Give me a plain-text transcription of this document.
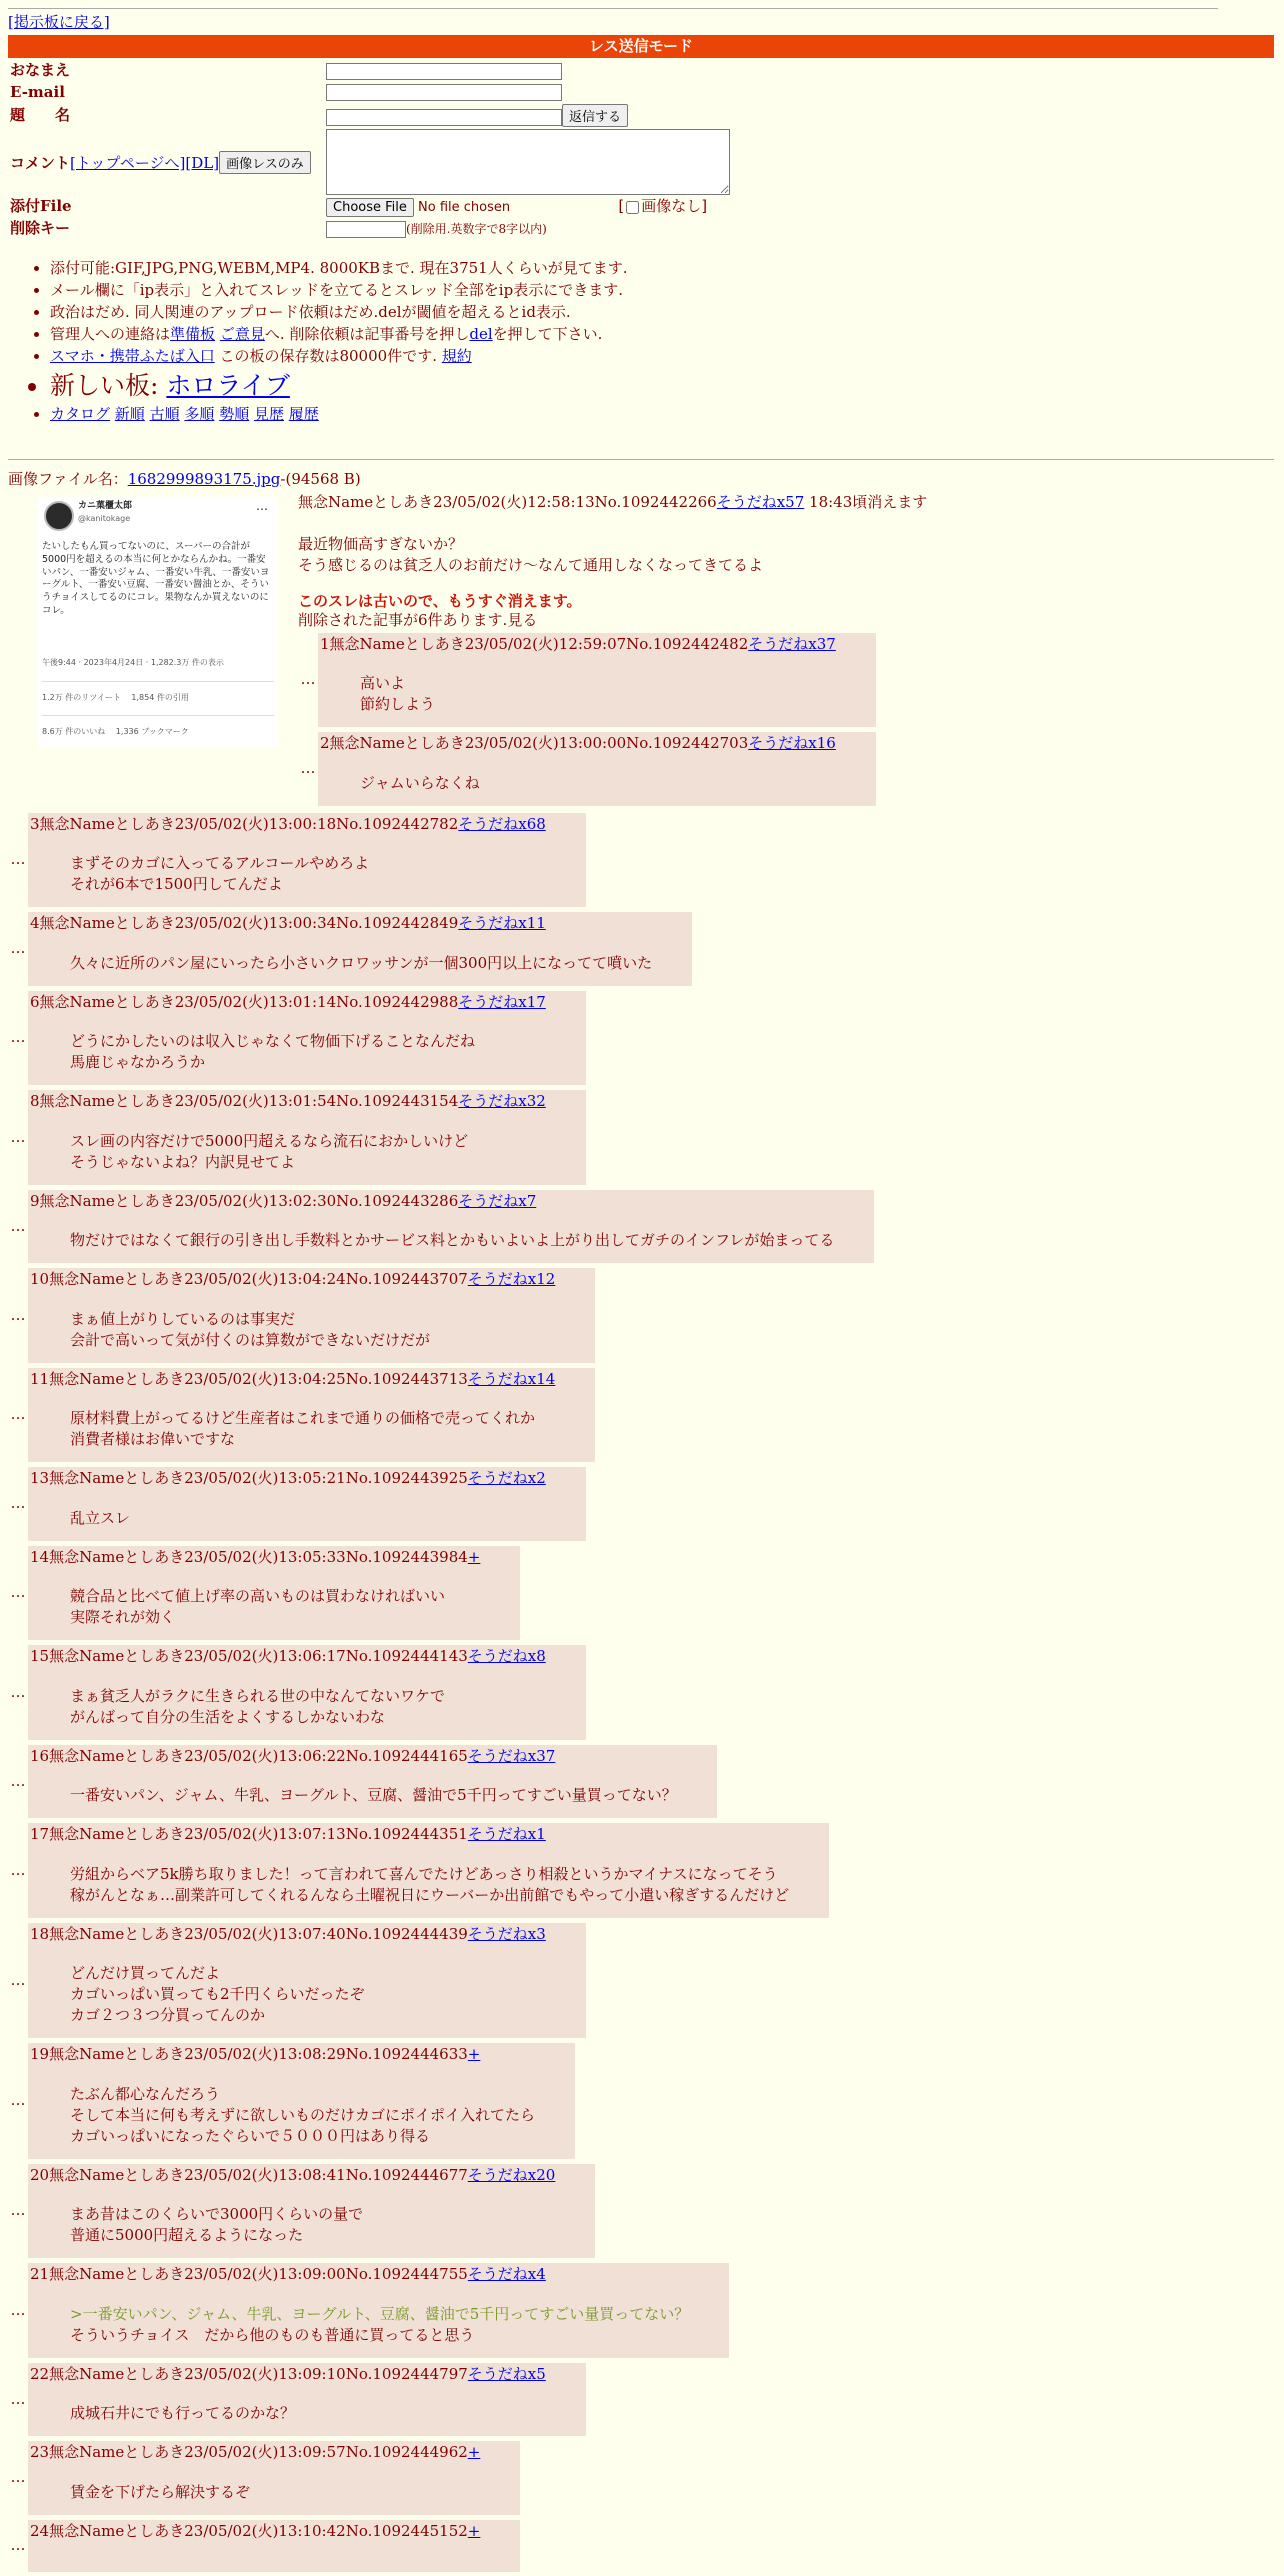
[掲示板に戻る]
レス送信モード
おなまえ	
E-mail	
題　　名	返信する
コメント[トップページへ][DL] 画像レスのみ	
添付File	Choose File No file chosen [ 画像なし]
削除キー	(削除用.英数字で8字以内)
• 添付可能:GIF,JPG,PNG,WEBM,MP4. 8000KBまで. 現在3751人くらいが見てます.
• メール欄に「ip表示」と入れてスレッドを立てるとスレッド全部をip表示にできます.
• 政治はだめ. 同人関連のアップロード依頼はだめ.delが閾値を超えるとid表示.
• 管理人への連絡は準備板 ご意見へ. 削除依頼は記事番号を押しdelを押して下さい.
• スマホ・携帯ふたば入口 この板の保存数は80000件です. 規約
• 新しい板: ホロライブ
• カタログ 新順 古順 多順 勢順 見歴 履歴
画像ファイル名：1682999893175.jpg-(94568 B)
カニ菓櫃太郎
@kanitokage
…
たいしたもん買ってないのに、スーパーの合計が5000円を超えるの本当に何とかならんかね。一番安いパン、一番安いジャム、一番安い牛乳、一番安いヨーグルト、一番安い豆腐、一番安い醤油とか、そういうチョイスしてるのにコレ。果物なんか買えないのにコレ。
午後9:44 · 2023年4月24日 · 1,282.3万 件の表示
1.2万 件のリツイート　 1,854 件の引用
8.6万 件のいいね　 1,336 ブックマーク
無念Nameとしあき23/05/02(火)12:58:13No.1092442266そうだねx57 18:43頃消えます
最近物価高すぎないか？
そう感じるのは貧乏人のお前だけ～なんて通用しなくなってきてるよ
このスレは古いので、もうすぐ消えます。
削除された記事が6件あります.見る
…
1無念Nameとしあき23/05/02(火)12:59:07No.1092442482そうだねx37
高いよ
節約しよう
…
2無念Nameとしあき23/05/02(火)13:00:00No.1092442703そうだねx16
ジャムいらなくね
…
3無念Nameとしあき23/05/02(火)13:00:18No.1092442782そうだねx68
まずそのカゴに入ってるアルコールやめろよ
それが6本で1500円してんだよ
…
4無念Nameとしあき23/05/02(火)13:00:34No.1092442849そうだねx11
久々に近所のパン屋にいったら小さいクロワッサンが一個300円以上になってて噴いた
…
6無念Nameとしあき23/05/02(火)13:01:14No.1092442988そうだねx17
どうにかしたいのは収入じゃなくて物価下げることなんだね
馬鹿じゃなかろうか
…
8無念Nameとしあき23/05/02(火)13:01:54No.1092443154そうだねx32
スレ画の内容だけで5000円超えるなら流石におかしいけど
そうじゃないよね？内訳見せてよ
…
9無念Nameとしあき23/05/02(火)13:02:30No.1092443286そうだねx7
物だけではなくて銀行の引き出し手数料とかサービス料とかもいよいよ上がり出してガチのインフレが始まってる
…
10無念Nameとしあき23/05/02(火)13:04:24No.1092443707そうだねx12
まぁ値上がりしているのは事実だ
会計で高いって気が付くのは算数ができないだけだが
…
11無念Nameとしあき23/05/02(火)13:04:25No.1092443713そうだねx14
原材料費上がってるけど生産者はこれまで通りの価格で売ってくれか
消費者様はお偉いですな
…
13無念Nameとしあき23/05/02(火)13:05:21No.1092443925そうだねx2
乱立スレ
…
14無念Nameとしあき23/05/02(火)13:05:33No.1092443984+
競合品と比べて値上げ率の高いものは買わなければいい
実際それが効く
…
15無念Nameとしあき23/05/02(火)13:06:17No.1092444143そうだねx8
まぁ貧乏人がラクに生きられる世の中なんてないワケで
がんばって自分の生活をよくするしかないわな
…
16無念Nameとしあき23/05/02(火)13:06:22No.1092444165そうだねx37
一番安いパン、ジャム、牛乳、ヨーグルト、豆腐、醤油で5千円ってすごい量買ってない？
…
17無念Nameとしあき23/05/02(火)13:07:13No.1092444351そうだねx1
労組からベア5k勝ち取りました！って言われて喜んでたけどあっさり相殺というかマイナスになってそう
稼がんとなぁ…副業許可してくれるんなら土曜祝日にウーバーか出前館でもやって小遣い稼ぎするんだけど
…
18無念Nameとしあき23/05/02(火)13:07:40No.1092444439そうだねx3
どんだけ買ってんだよ
カゴいっぱい買っても2千円くらいだったぞ
カゴ２つ３つ分買ってんのか
…
19無念Nameとしあき23/05/02(火)13:08:29No.1092444633+
たぶん都心なんだろう
そして本当に何も考えずに欲しいものだけカゴにポイポイ入れてたら
カゴいっぱいになったぐらいで５０００円はあり得る
…
20無念Nameとしあき23/05/02(火)13:08:41No.1092444677そうだねx20
まあ昔はこのくらいで3000円くらいの量で
普通に5000円超えるようになった
…
21無念Nameとしあき23/05/02(火)13:09:00No.1092444755そうだねx4
>一番安いパン、ジャム、牛乳、ヨーグルト、豆腐、醤油で5千円ってすごい量買ってない？
そういうチョイス　だから他のものも普通に買ってると思う
…
22無念Nameとしあき23/05/02(火)13:09:10No.1092444797そうだねx5
成城石井にでも行ってるのかな？
…
23無念Nameとしあき23/05/02(火)13:09:57No.1092444962+
賃金を下げたら解決するぞ
…
24無念Nameとしあき23/05/02(火)13:10:42No.1092445152+
